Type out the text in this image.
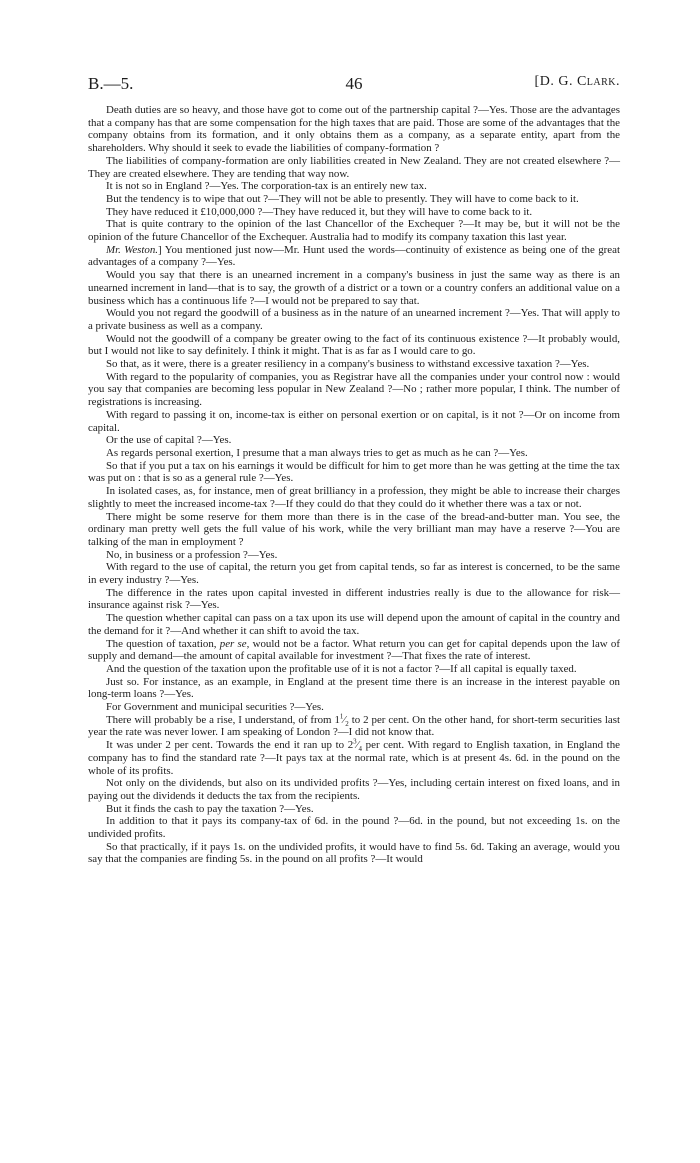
B.—5.	46	[D. G. Clark.

Death duties are so heavy, and those have got to come out of the partnership capital ?—Yes. Those are the advantages that a company has that are some compensation for the high taxes that are paid. Those are some of the advantages that the company obtains from its formation, and it only obtains them as a company, as a separate entity, apart from the shareholders. Why should it seek to evade the liabilities of company-formation ?

The liabilities of company-formation are only liabilities created in New Zealand. They are not created elsewhere ?—They are created elsewhere. They are tending that way now.

It is not so in England ?—Yes. The corporation-tax is an entirely new tax.

But the tendency is to wipe that out ?—They will not be able to presently. They will have to come back to it.

They have reduced it £10,000,000 ?—They have reduced it, but they will have to come back to it.

That is quite contrary to the opinion of the last Chancellor of the Exchequer ?—It may be, but it will not be the opinion of the future Chancellor of the Exchequer. Australia had to modify its company taxation this last year.

Mr. Weston.] You mentioned just now—Mr. Hunt used the words—continuity of existence as being one of the great advantages of a company ?—Yes.

Would you say that there is an unearned increment in a company's business in just the same way as there is an unearned increment in land—that is to say, the growth of a district or a town or a country confers an additional value on a business which has a continuous life ?—I would not be prepared to say that.

Would you not regard the goodwill of a business as in the nature of an unearned increment ?—Yes. That will apply to a private business as well as a company.

Would not the goodwill of a company be greater owing to the fact of its continuous existence ?—It probably would, but I would not like to say definitely. I think it might. That is as far as I would care to go.

So that, as it were, there is a greater resiliency in a company's business to withstand excessive taxation ?—Yes.

With regard to the popularity of companies, you as Registrar have all the companies under your control now : would you say that companies are becoming less popular in New Zealand ?—No ; rather more popular, I think. The number of registrations is increasing.

With regard to passing it on, income-tax is either on personal exertion or on capital, is it not ?—Or on income from capital.

Or the use of capital ?—Yes.

As regards personal exertion, I presume that a man always tries to get as much as he can ?—Yes.

So that if you put a tax on his earnings it would be difficult for him to get more than he was getting at the time the tax was put on : that is so as a general rule ?—Yes.

In isolated cases, as, for instance, men of great brilliancy in a profession, they might be able to increase their charges slightly to meet the increased income-tax ?—If they could do that they could do it whether there was a tax or not.

There might be some reserve for them more than there is in the case of the bread-and-butter man. You see, the ordinary man pretty well gets the full value of his work, while the very brilliant man may have a reserve ?—You are talking of the man in employment ?

No, in business or a profession ?—Yes.

With regard to the use of capital, the return you get from capital tends, so far as interest is concerned, to be the same in every industry ?—Yes.

The difference in the rates upon capital invested in different industries really is due to the allowance for risk—insurance against risk ?—Yes.

The question whether capital can pass on a tax upon its use will depend upon the amount of capital in the country and the demand for it ?—And whether it can shift to avoid the tax.

The question of taxation, per se, would not be a factor. What return you can get for capital depends upon the law of supply and demand—the amount of capital available for investment ?—That fixes the rate of interest.

And the question of the taxation upon the profitable use of it is not a factor ?—If all capital is equally taxed.

Just so. For instance, as an example, in England at the present time there is an increase in the interest payable on long-term loans ?—Yes.

For Government and municipal securities ?—Yes.

There will probably be a rise, I understand, of from $1^1⁄_2$ to 2 per cent. On the other hand, for short-term securities last year the rate was never lower. I am speaking of London ?—I did not know that.

It was under 2 per cent. Towards the end it ran up to $2^3⁄_4$ per cent. With regard to English taxation, in England the company has to find the standard rate ?—It pays tax at the normal rate, which is at present 4s. 6d. in the pound on the whole of its profits.

Not only on the dividends, but also on its undivided profits ?—Yes, including certain interest on fixed loans, and in paying out the dividends it deducts the tax from the recipients.

But it finds the cash to pay the taxation ?—Yes.

In addition to that it pays its company-tax of 6d. in the pound ?—6d. in the pound, but not exceeding 1s. on the undivided profits.

So that practically, if it pays 1s. on the undivided profits, it would have to find 5s. 6d. Taking an average, would you say that the companies are finding 5s. in the pound on all profits ?—It would
